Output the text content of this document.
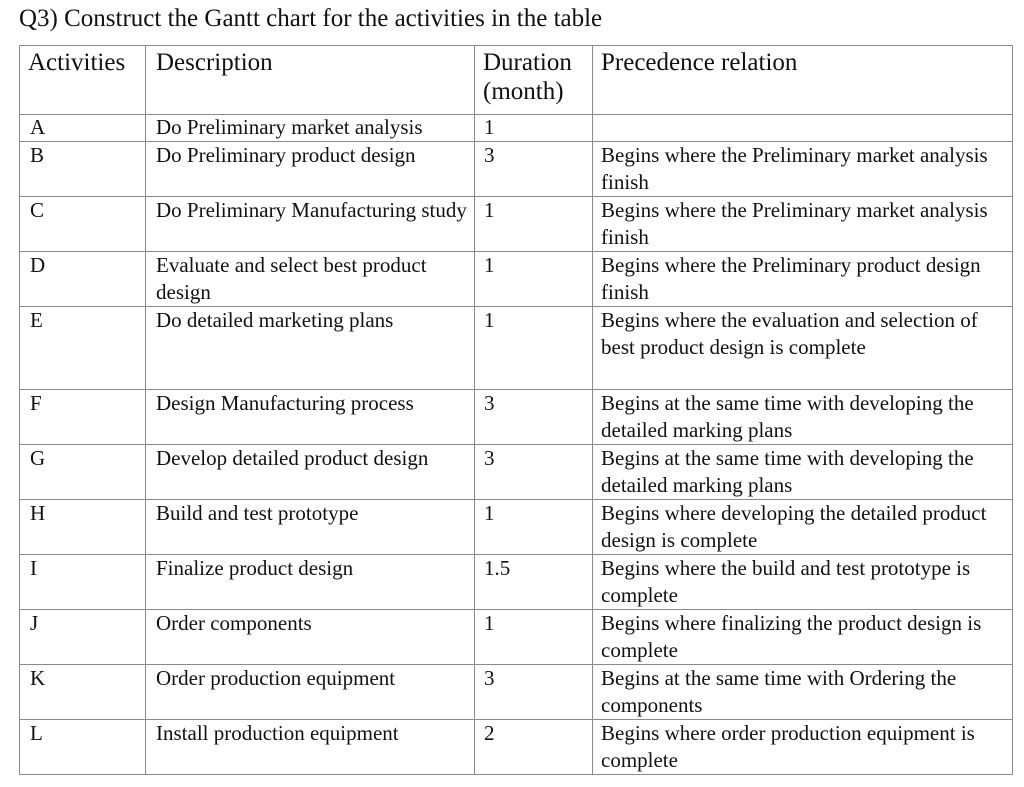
Q3) Construct the Gantt chart for the activities in the table
Activities	Description	Duration (month)	Precedence relation
A	Do Preliminary market analysis	1	
B	Do Preliminary product design	3	Begins where the Preliminary market analysis finish
C	Do Preliminary Manufacturing study	1	Begins where the Preliminary market analysis finish
D	Evaluate and select best product design	1	Begins where the Preliminary product design finish
E	Do detailed marketing plans	1	Begins where the evaluation and selection of best product design is complete
F	Design Manufacturing process	3	Begins at the same time with developing the detailed marking plans
G	Develop detailed product design	3	Begins at the same time with developing the detailed marking plans
H	Build and test prototype	1	Begins where developing the detailed product design is complete
I	Finalize product design	1.5	Begins where the build and test prototype is complete
J	Order components	1	Begins where finalizing the product design is complete
K	Order production equipment	3	Begins at the same time with Ordering the components
L	Install production equipment	2	Begins where order production equipment is complete
